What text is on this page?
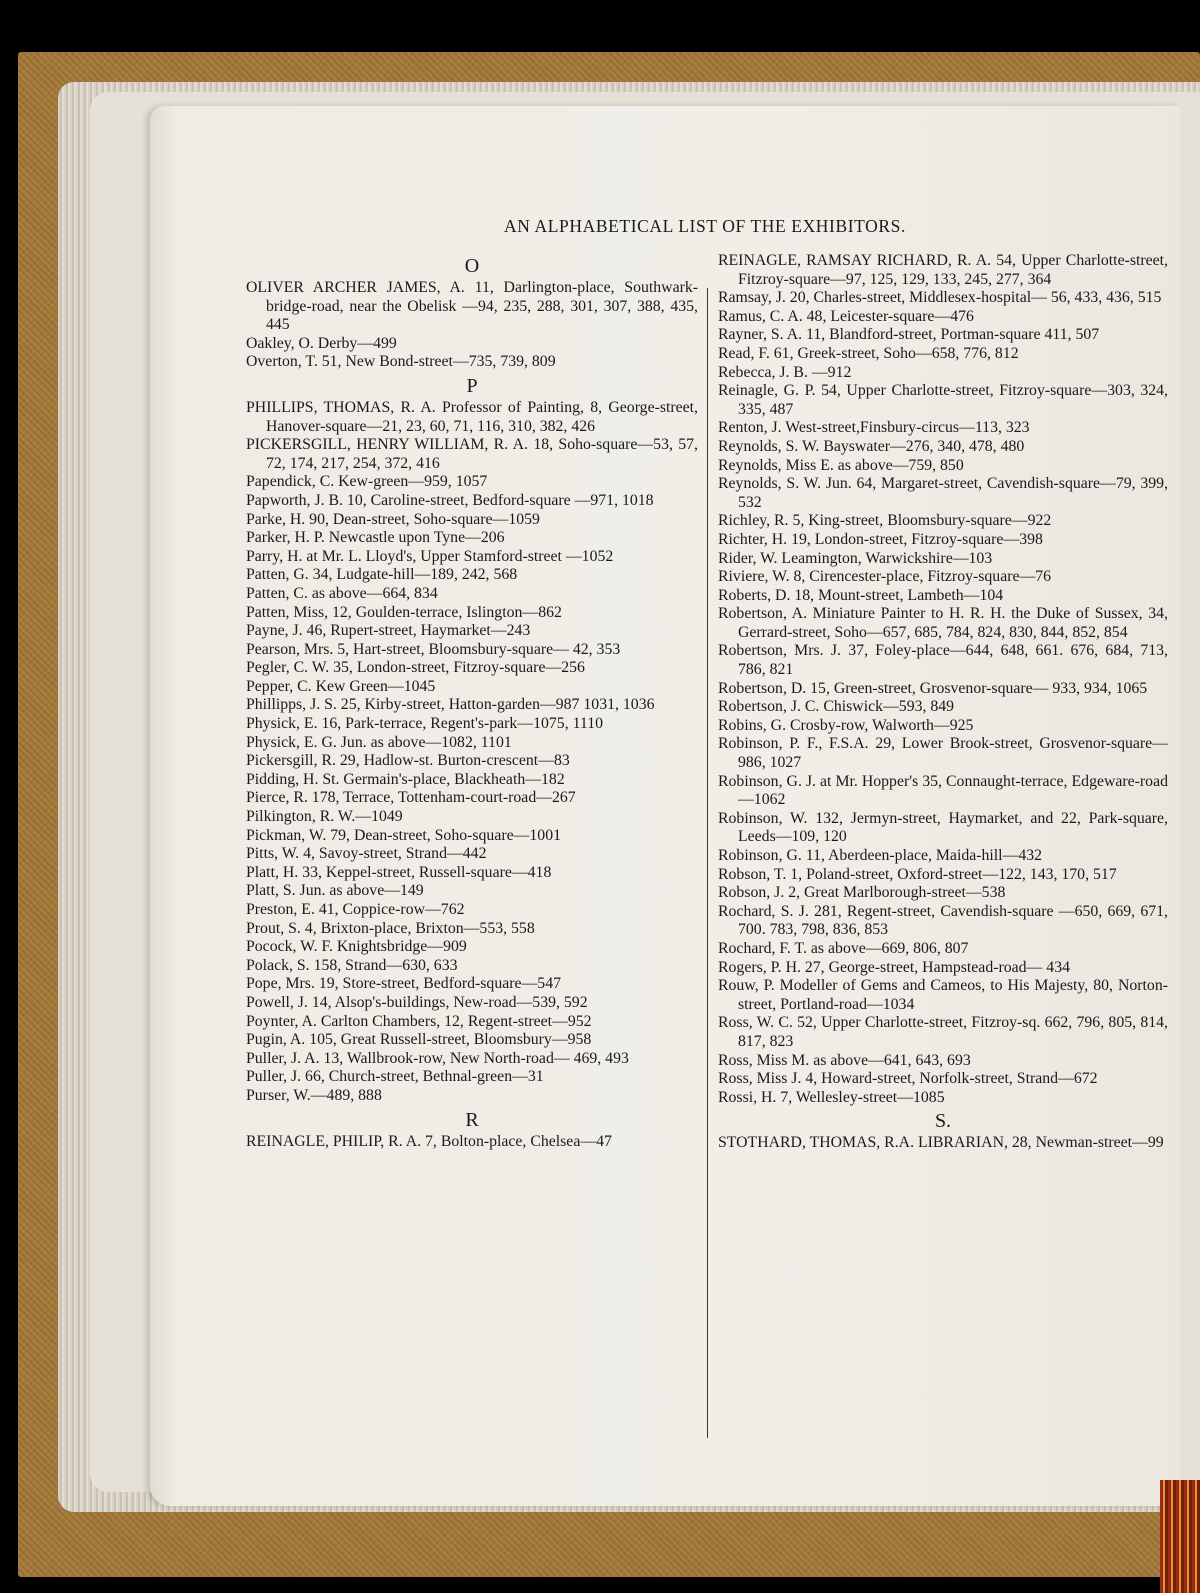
AN ALPHABETICAL LIST OF THE EXHIBITORS.
O
OLIVER ARCHER JAMES, A. 11, Darlington-place, Southwark-bridge-road, near the Obelisk —94, 235, 288, 301, 307, 388, 435, 445
Oakley, O. Derby—499
Overton, T. 51, New Bond-street—735, 739, 809
P
PHILLIPS, THOMAS, R. A. Professor of Painting, 8, George-street, Hanover-square—21, 23, 60, 71, 116, 310, 382, 426
PICKERSGILL, HENRY WILLIAM, R. A. 18, Soho-square—53, 57, 72, 174, 217, 254, 372, 416
Papendick, C. Kew-green—959, 1057
Papworth, J. B. 10, Caroline-street, Bedford-square —971, 1018
Parke, H. 90, Dean-street, Soho-square—1059
Parker, H. P. Newcastle upon Tyne—206
Parry, H. at Mr. L. Lloyd's, Upper Stamford-street —1052
Patten, G. 34, Ludgate-hill—189, 242, 568
Patten, C. as above—664, 834
Patten, Miss, 12, Goulden-terrace, Islington—862
Payne, J. 46, Rupert-street, Haymarket—243
Pearson, Mrs. 5, Hart-street, Bloomsbury-square— 42, 353
Pegler, C. W. 35, London-street, Fitzroy-square—256
Pepper, C. Kew Green—1045
Phillipps, J. S. 25, Kirby-street, Hatton-garden—987 1031, 1036
Physick, E. 16, Park-terrace, Regent's-park—1075, 1110
Physick, E. G. Jun. as above—1082, 1101
Pickersgill, R. 29, Hadlow-st. Burton-crescent—83
Pidding, H. St. Germain's-place, Blackheath—182
Pierce, R. 178, Terrace, Tottenham-court-road—267
Pilkington, R. W.—1049
Pickman, W. 79, Dean-street, Soho-square—1001
Pitts, W. 4, Savoy-street, Strand—442
Platt, H. 33, Keppel-street, Russell-square—418
Platt, S. Jun. as above—149
Preston, E. 41, Coppice-row—762
Prout, S. 4, Brixton-place, Brixton—553, 558
Pocock, W. F. Knightsbridge—909
Polack, S. 158, Strand—630, 633
Pope, Mrs. 19, Store-street, Bedford-square—547
Powell, J. 14, Alsop's-buildings, New-road—539, 592
Poynter, A. Carlton Chambers, 12, Regent-street—952
Pugin, A. 105, Great Russell-street, Bloomsbury—958
Puller, J. A. 13, Wallbrook-row, New North-road— 469, 493
Puller, J. 66, Church-street, Bethnal-green—31
Purser, W.—489, 888
R
REINAGLE, PHILIP, R. A. 7, Bolton-place, Chelsea—47
REINAGLE, RAMSAY RICHARD, R. A. 54, Upper Charlotte-street, Fitzroy-square—97, 125, 129, 133, 245, 277, 364
Ramsay, J. 20, Charles-street, Middlesex-hospital— 56, 433, 436, 515
Ramus, C. A. 48, Leicester-square—476
Rayner, S. A. 11, Blandford-street, Portman-square 411, 507
Read, F. 61, Greek-street, Soho—658, 776, 812
Rebecca, J. B. —912
Reinagle, G. P. 54, Upper Charlotte-street, Fitzroy-square—303, 324, 335, 487
Renton, J. West-street,Finsbury-circus—113, 323
Reynolds, S. W. Bayswater—276, 340, 478, 480
Reynolds, Miss E. as above—759, 850
Reynolds, S. W. Jun. 64, Margaret-street, Cavendish-square—79, 399, 532
Richley, R. 5, King-street, Bloomsbury-square—922
Richter, H. 19, London-street, Fitzroy-square—398
Rider, W. Leamington, Warwickshire—103
Riviere, W. 8, Cirencester-place, Fitzroy-square—76
Roberts, D. 18, Mount-street, Lambeth—104
Robertson, A. Miniature Painter to H. R. H. the Duke of Sussex, 34, Gerrard-street, Soho—657, 685, 784, 824, 830, 844, 852, 854
Robertson, Mrs. J. 37, Foley-place—644, 648, 661. 676, 684, 713, 786, 821
Robertson, D. 15, Green-street, Grosvenor-square— 933, 934, 1065
Robertson, J. C. Chiswick—593, 849
Robins, G. Crosby-row, Walworth—925
Robinson, P. F., F.S.A. 29, Lower Brook-street, Grosvenor-square—986, 1027
Robinson, G. J. at Mr. Hopper's 35, Connaught-terrace, Edgeware-road—1062
Robinson, W. 132, Jermyn-street, Haymarket, and 22, Park-square, Leeds—109, 120
Robinson, G. 11, Aberdeen-place, Maida-hill—432
Robson, T. 1, Poland-street, Oxford-street—122, 143, 170, 517
Robson, J. 2, Great Marlborough-street—538
Rochard, S. J. 281, Regent-street, Cavendish-square —650, 669, 671, 700. 783, 798, 836, 853
Rochard, F. T. as above—669, 806, 807
Rogers, P. H. 27, George-street, Hampstead-road— 434
Rouw, P. Modeller of Gems and Cameos, to His Majesty, 80, Norton-street, Portland-road—1034
Ross, W. C. 52, Upper Charlotte-street, Fitzroy-sq. 662, 796, 805, 814, 817, 823
Ross, Miss M. as above—641, 643, 693
Ross, Miss J. 4, Howard-street, Norfolk-street, Strand—672
Rossi, H. 7, Wellesley-street—1085
S.
STOTHARD, THOMAS, R.A. LIBRARIAN, 28, Newman-street—99
